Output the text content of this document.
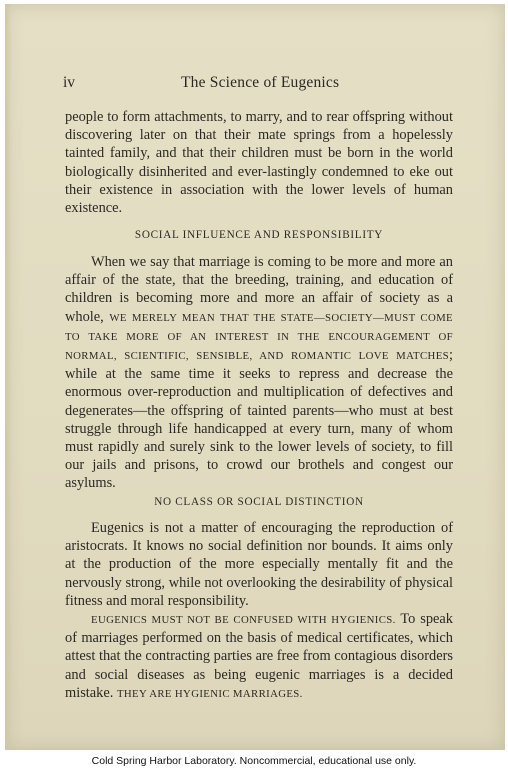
iv	The Science of Eugenics

people to form attachments, to marry, and to rear offspring without discovering later on that their mate springs from a hopelessly tainted family, and that their children must be born in the world biologically disinherited and ever-lastingly condemned to eke out their existence in association with the lower levels of human existence.

SOCIAL INFLUENCE AND RESPONSIBILITY

When we say that marriage is coming to be more and more an affair of the state, that the breeding, training, and education of children is becoming more and more an affair of society as a whole, WE MERELY MEAN THAT THE STATE—SOCIETY—MUST COME TO TAKE MORE OF AN INTEREST IN THE ENCOURAGEMENT OF NORMAL, SCIENTIFIC, SENSIBLE, AND ROMANTIC LOVE MATCHES; while at the same time it seeks to repress and decrease the enormous over-reproduction and multiplication of defectives and degenerates—the offspring of tainted parents—who must at best struggle through life handicapped at every turn, many of whom must rapidly and surely sink to the lower levels of society, to fill our jails and prisons, to crowd our brothels and congest our asylums.

NO CLASS OR SOCIAL DISTINCTION

Eugenics is not a matter of encouraging the reproduction of aristocrats. It knows no social definition nor bounds. It aims only at the production of the more especially mentally fit and the nervously strong, while not overlooking the desirability of physical fitness and moral responsibility.

EUGENICS MUST NOT BE CONFUSED WITH HYGIENICS. To speak of marriages performed on the basis of medical certificates, which attest that the contracting parties are free from contagious disorders and social diseases as being eugenic marriages is a decided mistake. THEY ARE HYGIENIC MARRIAGES.

Cold Spring Harbor Laboratory. Noncommercial, educational use only.
